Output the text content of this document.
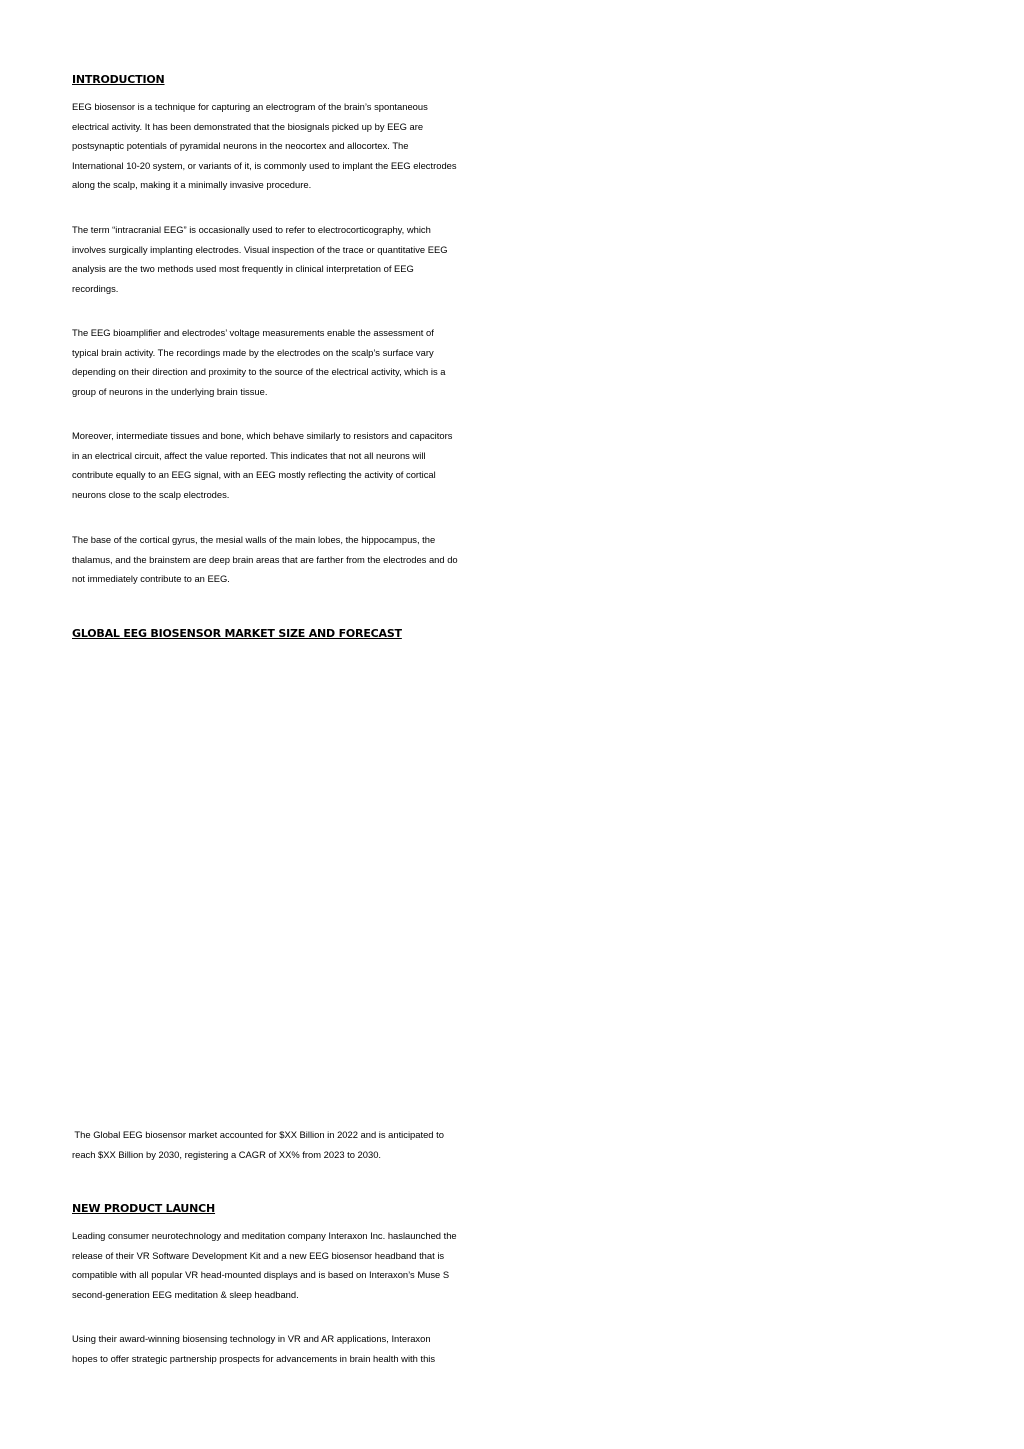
INTRODUCTION

EEG biosensor is a technique for capturing an electrogram of the brain’s spontaneous
electrical activity. It has been demonstrated that the biosignals picked up by EEG are
postsynaptic potentials of pyramidal neurons in the neocortex and allocortex. The
International 10-20 system, or variants of it, is commonly used to implant the EEG electrodes
along the scalp, making it a minimally invasive procedure.

The term “intracranial EEG” is occasionally used to refer to electrocorticography, which
involves surgically implanting electrodes. Visual inspection of the trace or quantitative EEG
analysis are the two methods used most frequently in clinical interpretation of EEG
recordings.

The EEG bioamplifier and electrodes’ voltage measurements enable the assessment of
typical brain activity. The recordings made by the electrodes on the scalp’s surface vary
depending on their direction and proximity to the source of the electrical activity, which is a
group of neurons in the underlying brain tissue.

Moreover, intermediate tissues and bone, which behave similarly to resistors and capacitors
in an electrical circuit, affect the value reported. This indicates that not all neurons will
contribute equally to an EEG signal, with an EEG mostly reflecting the activity of cortical
neurons close to the scalp electrodes.

The base of the cortical gyrus, the mesial walls of the main lobes, the hippocampus, the
thalamus, and the brainstem are deep brain areas that are farther from the electrodes and do
not immediately contribute to an EEG.

GLOBAL EEG BIOSENSOR MARKET SIZE AND FORECAST

The Global EEG biosensor market accounted for $XX Billion in 2022 and is anticipated to
reach $XX Billion by 2030, registering a CAGR of XX% from 2023 to 2030.

NEW PRODUCT LAUNCH

Leading consumer neurotechnology and meditation company Interaxon Inc. haslaunched the
release of their VR Software Development Kit and a new EEG biosensor headband that is
compatible with all popular VR head-mounted displays and is based on Interaxon’s Muse S
second-generation EEG meditation & sleep headband.

Using their award-winning biosensing technology in VR and AR applications, Interaxon
hopes to offer strategic partnership prospects for advancements in brain health with this
